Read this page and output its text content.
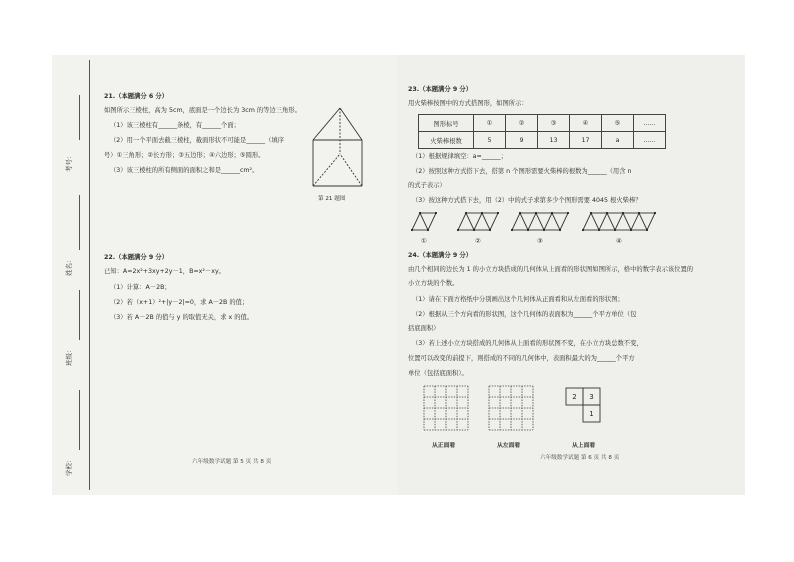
考号：
姓名：
班级：
学校：
21.（本题满分 6 分）
如图所示三棱柱，高为 5cm，底面是一个边长为 3cm 的等边三角形。
（1）该三棱柱有______条棱，有______个面；
（2）用一个平面去截三棱柱，截面形状不可能是______（填序
号）①三角形；②长方形；③五边形；④六边形；⑤圆形。
（3）该三棱柱的所有侧面的面积之和是______cm²。
第 21 题图
22.（本题满分 9 分）
已知：A=2x²+3xy+2y－1，B=x²－xy。
（1）计算：A－2B；
（2）若（x+1）²+|y－2|=0，求 A－2B 的值；
（3）若 A－2B 的值与 y 的取值无关，求 x 的值。
六年级数学试题 第 5 页 共 8 页
23.（本题满分 9 分）
用火柴棒按图中的方式搭图形，如图所示：
图形标号	①	②	③	④	⑤	……
火柴棒根数	5	9	13	17	a	……
（1）根据规律填空：a=______；
（2）按照这种方式搭下去，搭第 n 个图形需要火柴棒的根数为______（用含 n
的式子表示）
（3）按这种方式搭下去，用（2）中的式子求第多少个图形需要 4045 根火柴棒？
①	②	③	④
24.（本题满分 9 分）
由几个相同的边长为 1 的小立方块搭成的几何体从上面看的形状图如图所示，格中的数字表示该位置的
小立方块的个数。
（1）请在下面方格纸中分别画出这个几何体从正面看和从左面看的形状图；
（2）根据从三个方向看的形状图，这个几何体的表面积为______个平方单位（包
括底面积）
（3）若上述小立方块搭成的几何体从上面看的形状图不变，在小立方块总数不变，
位置可以改变的前提下，则搭成的不同的几何体中，表面积最大的为______个平方
单位（包括底面积）。
从正面看	从左面看	从上面看
六年级数学试题 第 6 页 共 8 页
2 3
1
